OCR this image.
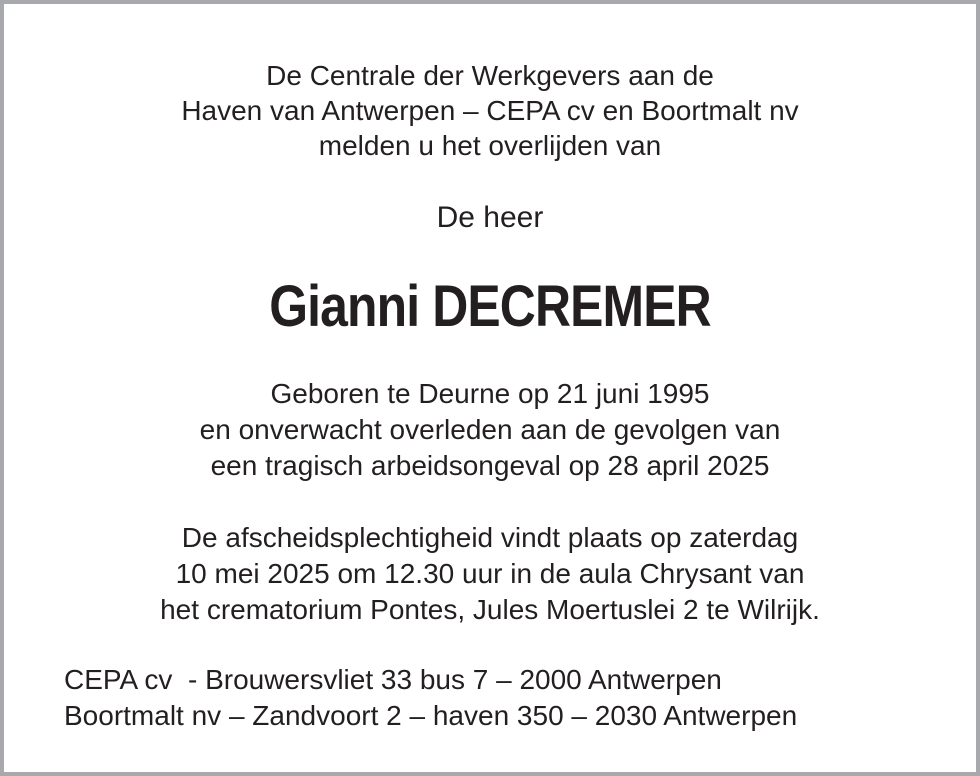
De Centrale der Werkgevers aan de
Haven van Antwerpen – CEPA cv en Boortmalt nv
melden u het overlijden van
De heer
Gianni DECREMER
Geboren te Deurne op 21 juni 1995
en onverwacht overleden aan de gevolgen van
een tragisch arbeidsongeval op 28 april 2025
De afscheidsplechtigheid vindt plaats op zaterdag
10 mei 2025 om 12.30 uur in de aula Chrysant van
het crematorium Pontes, Jules Moertuslei 2 te Wilrijk.
CEPA cv  - Brouwersvliet 33 bus 7 – 2000 Antwerpen
Boortmalt nv – Zandvoort 2 – haven 350 – 2030 Antwerpen
